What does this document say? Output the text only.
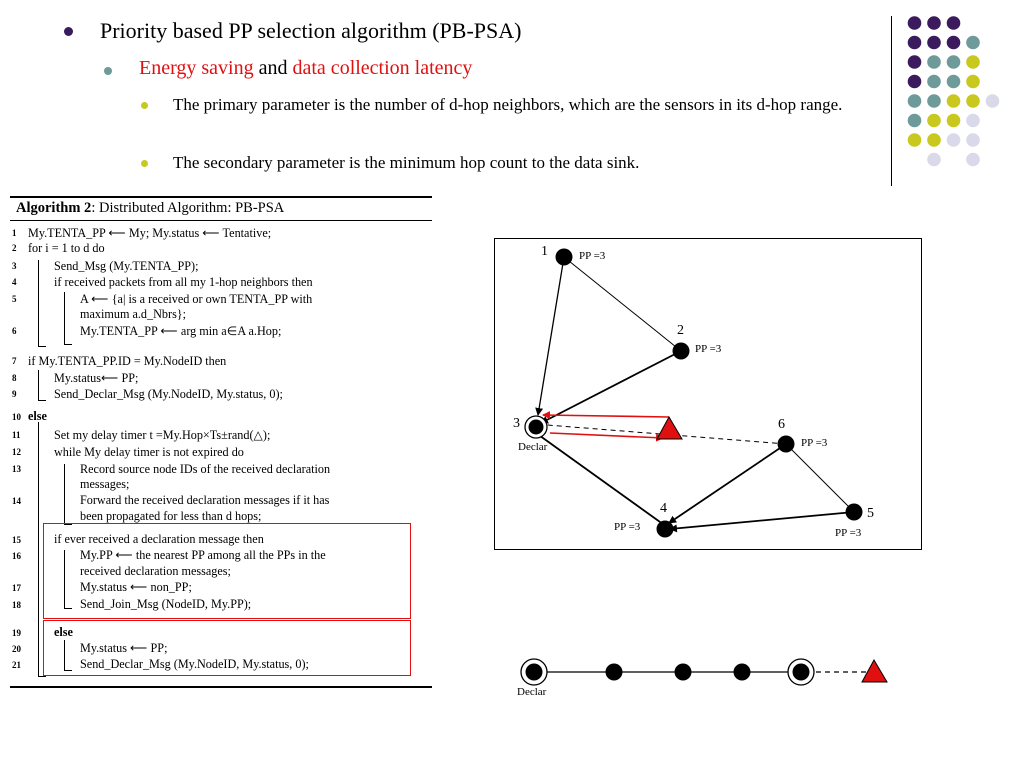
Priority based PP selection algorithm (PB-PSA)
Energy saving and data collection latency
The primary parameter is the number of d-hop neighbors, which are the sensors in its d-hop range.
The secondary parameter is the minimum hop count to the data sink.
Algorithm 2: Distributed Algorithm: PB-PSA
1 My.TENTA_PP ⟵ My; My.status ⟵ Tentative;
2 for i = 1 to d do
3	Send_Msg (My.TENTA_PP);
4	if received packets from all my 1-hop neighbors then
5	A ⟵ {a| is a received or own TENTA_PP with
maximum a.d_Nbrs};
6	My.TENTA_PP ⟵ arg min a∈A a.Hop;
7 if My.TENTA_PP.ID = My.NodeID then
8	My.status⟵ PP;
9	Send_Declar_Msg (My.NodeID, My.status, 0);
10 else
11	Set my delay timer t =My.Hop×Ts±rand(△);
12	while My delay timer is not expired do
13	Record source node IDs of the received declaration
messages;
14	Forward the received declaration messages if it has
been propagated for less than d hops;
15	if ever received a declaration message then
16	My.PP ⟵ the nearest PP among all the PPs in the
received declaration messages;
17	My.status ⟵ non_PP;
18	Send_Join_Msg (NodeID, My.PP);
19	else
20	My.status ⟵ PP;
21	Send_Declar_Msg (My.NodeID, My.status, 0);
1	PP =3
2
PP =3
3
Declar
4
PP =3
5
PP =3
6
PP =3
Declar
